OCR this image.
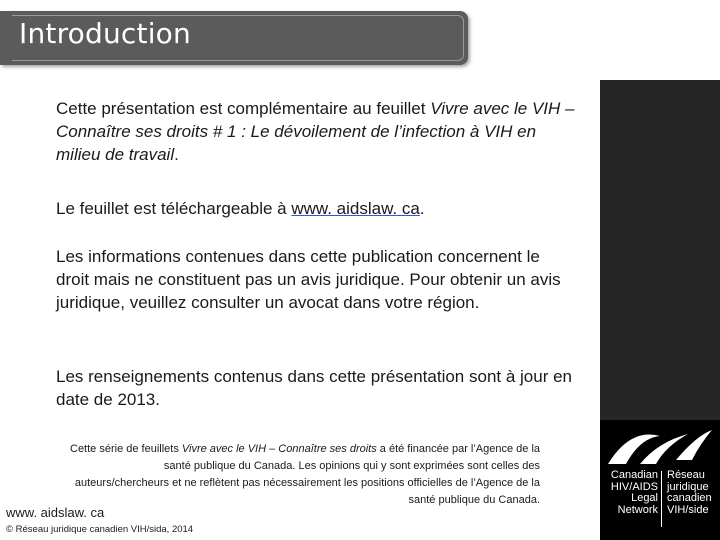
Introduction
Cette présentation est complémentaire au feuillet Vivre avec le VIH – Connaître ses droits # 1 : Le dévoilement de l’infection à VIH en milieu de travail.
Le feuillet est téléchargeable à www. aidslaw. ca.
Les informations contenues dans cette publication concernent le droit mais ne constituent pas un avis juridique. Pour obtenir un avis juridique, veuillez consulter un avocat dans votre région.
Les renseignements contenus dans cette présentation sont à jour en date de 2013.
Cette série de feuillets Vivre avec le VIH – Connaître ses droits a été financée par l’Agence de la santé publique du Canada. Les opinions qui y sont exprimées sont celles des auteurs/chercheurs et ne reflètent pas nécessairement les positions officielles de l’Agence de la santé publique du Canada.
www. aidslaw. ca
© Réseau juridique canadien VIH/sida, 2014
Canadian
HIV/AIDS
Legal
Network
Réseau
juridique
canadien
VIH/side
